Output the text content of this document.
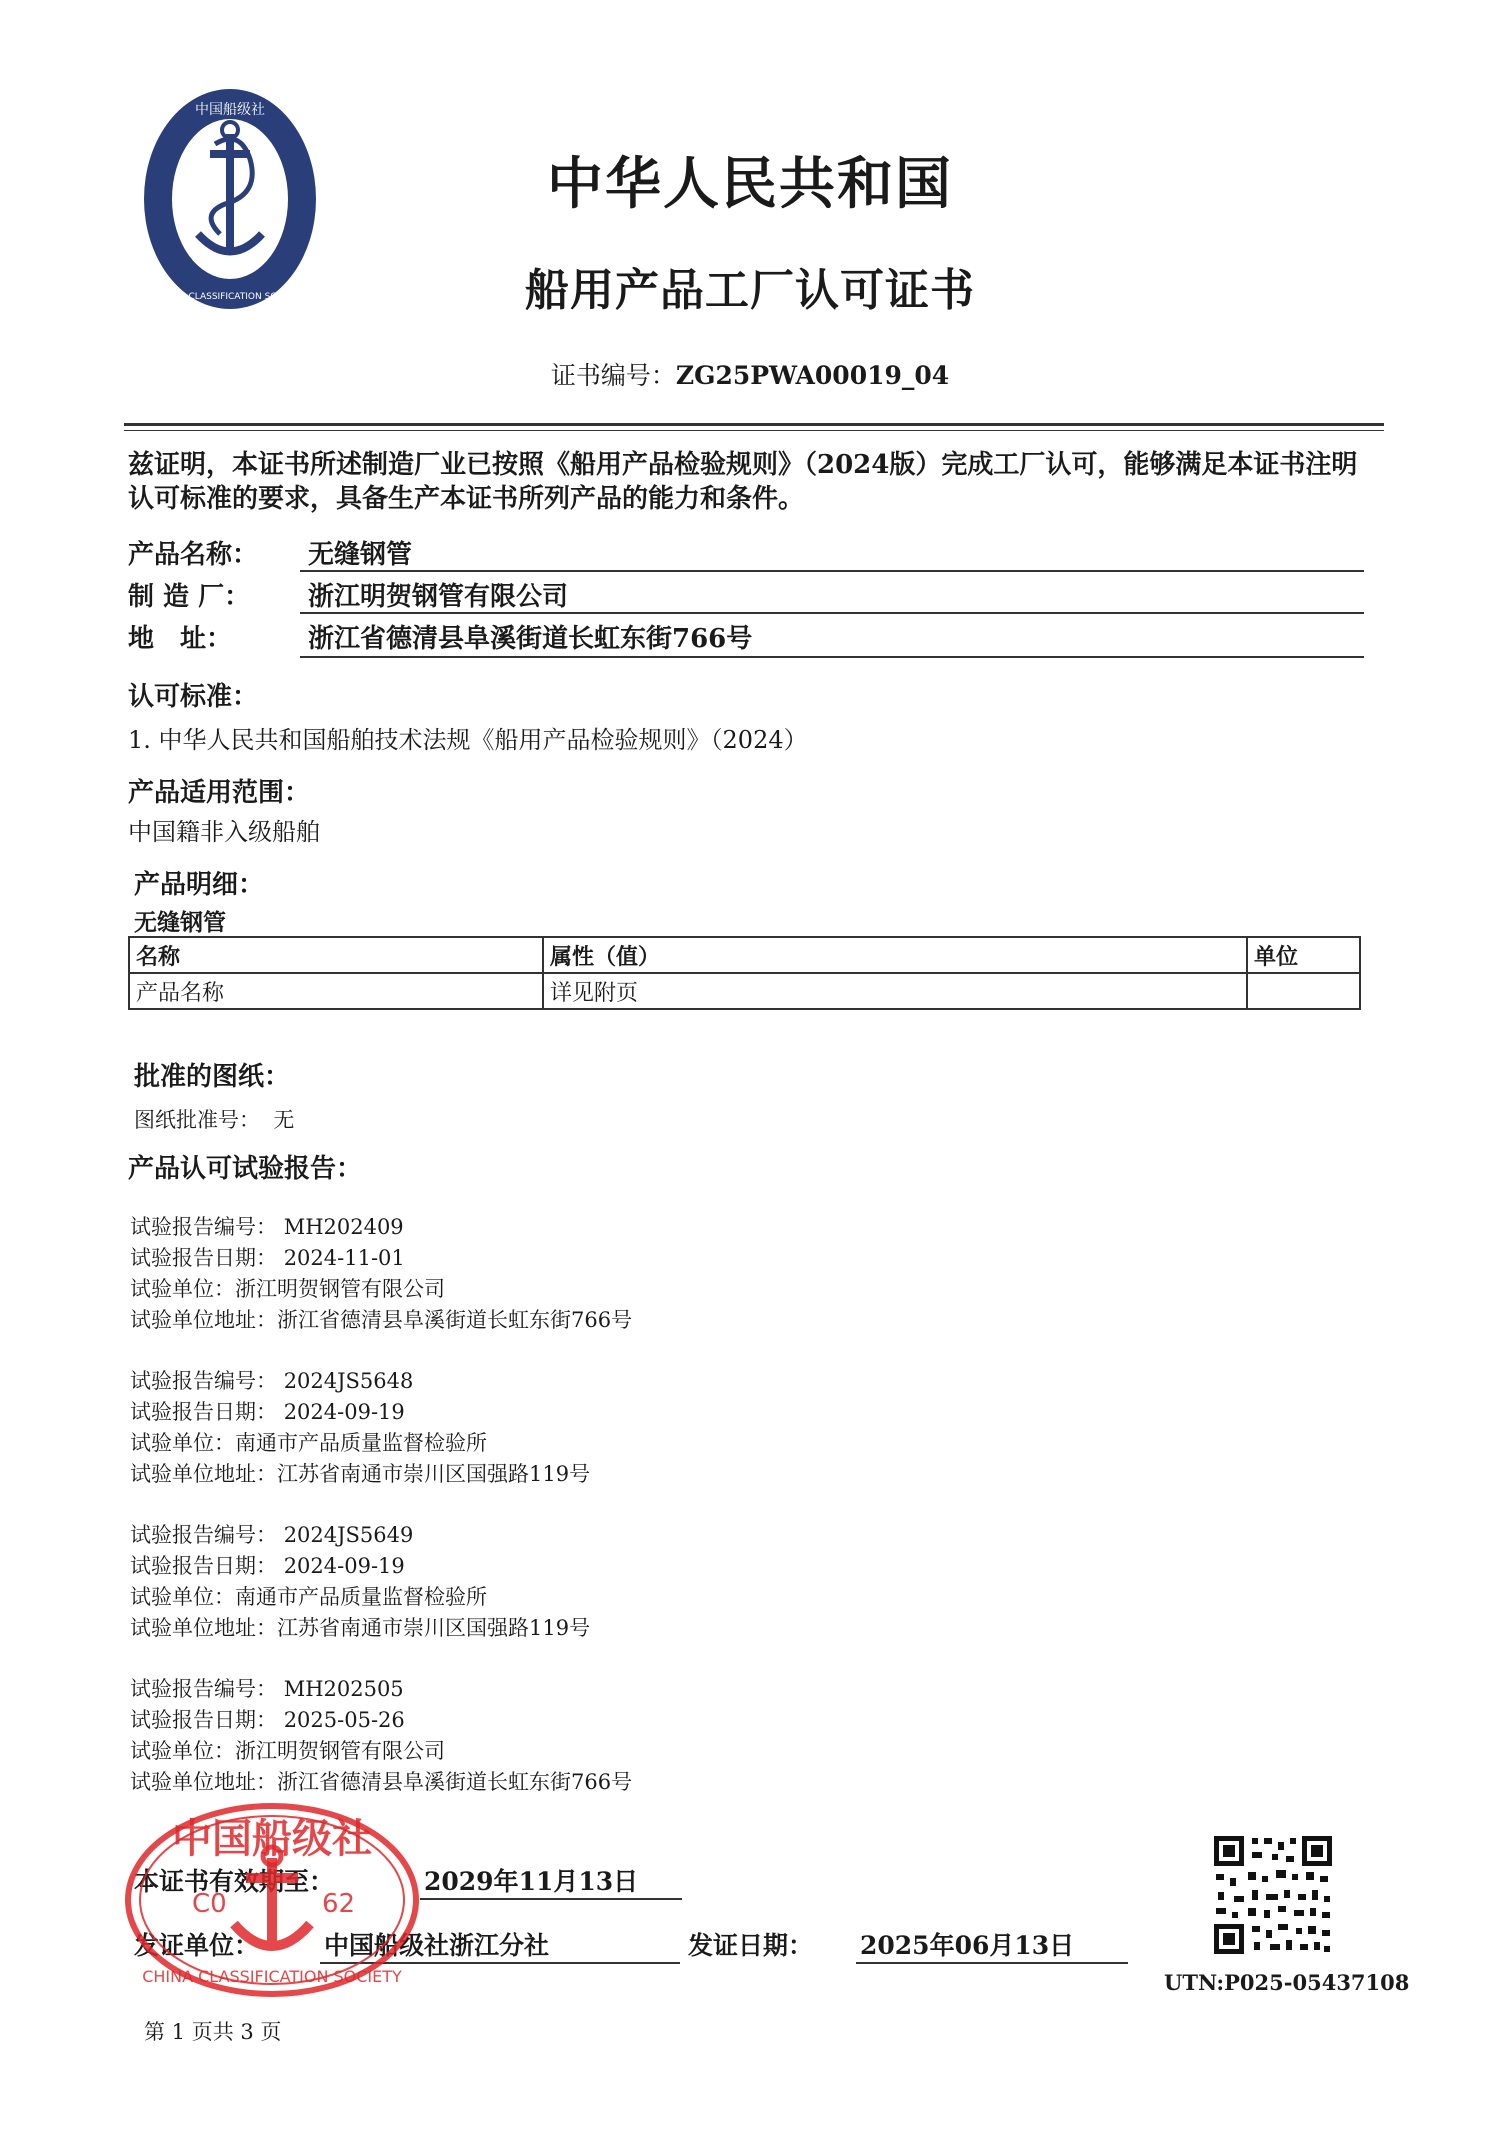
中国船级社
CHINA CLASSIFICATION SOCIETY
中华人民共和国
船用产品工厂认可证书
证书编号：ZG25PWA00019_04
兹证明，本证书所述制造厂业已按照《船用产品检验规则》（2024版）完成工厂认可，能够满足本证书注明认可标准的要求，具备生产本证书所列产品的能力和条件。
产品名称： 无缝钢管
制 造 厂： 浙江明贺钢管有限公司
地　址：	浙江省德清县阜溪街道长虹东街766号
认可标准：
1. 中华人民共和国船舶技术法规《船用产品检验规则》（2024）
产品适用范围：
中国籍非入级船舶
产品明细：
无缝钢管
名称	属性（值）	单位
产品名称	详见附页	
批准的图纸：
图纸批准号： 无
产品认可试验报告：
试验报告编号： MH202409
试验报告日期： 2024-11-01
试验单位：浙江明贺钢管有限公司
试验单位地址：浙江省德清县阜溪街道长虹东街766号
试验报告编号： 2024JS5648
试验报告日期： 2024-09-19
试验单位：南通市产品质量监督检验所
试验单位地址：江苏省南通市崇川区国强路119号
试验报告编号： 2024JS5649
试验报告日期： 2024-09-19
试验单位：南通市产品质量监督检验所
试验单位地址：江苏省南通市崇川区国强路119号
试验报告编号： MH202505
试验报告日期： 2025-05-26
试验单位：浙江明贺钢管有限公司
试验单位地址：浙江省德清县阜溪街道长虹东街766号
本证书有效期至：	2029年11月13日
发证单位：	中国船级社浙江分社	发证日期： 2025年06月13日
中国船级社
C0	62
CHINA CLASSIFICATION SOCIETY	UTN:P025-05437108
第 1 页共 3 页
